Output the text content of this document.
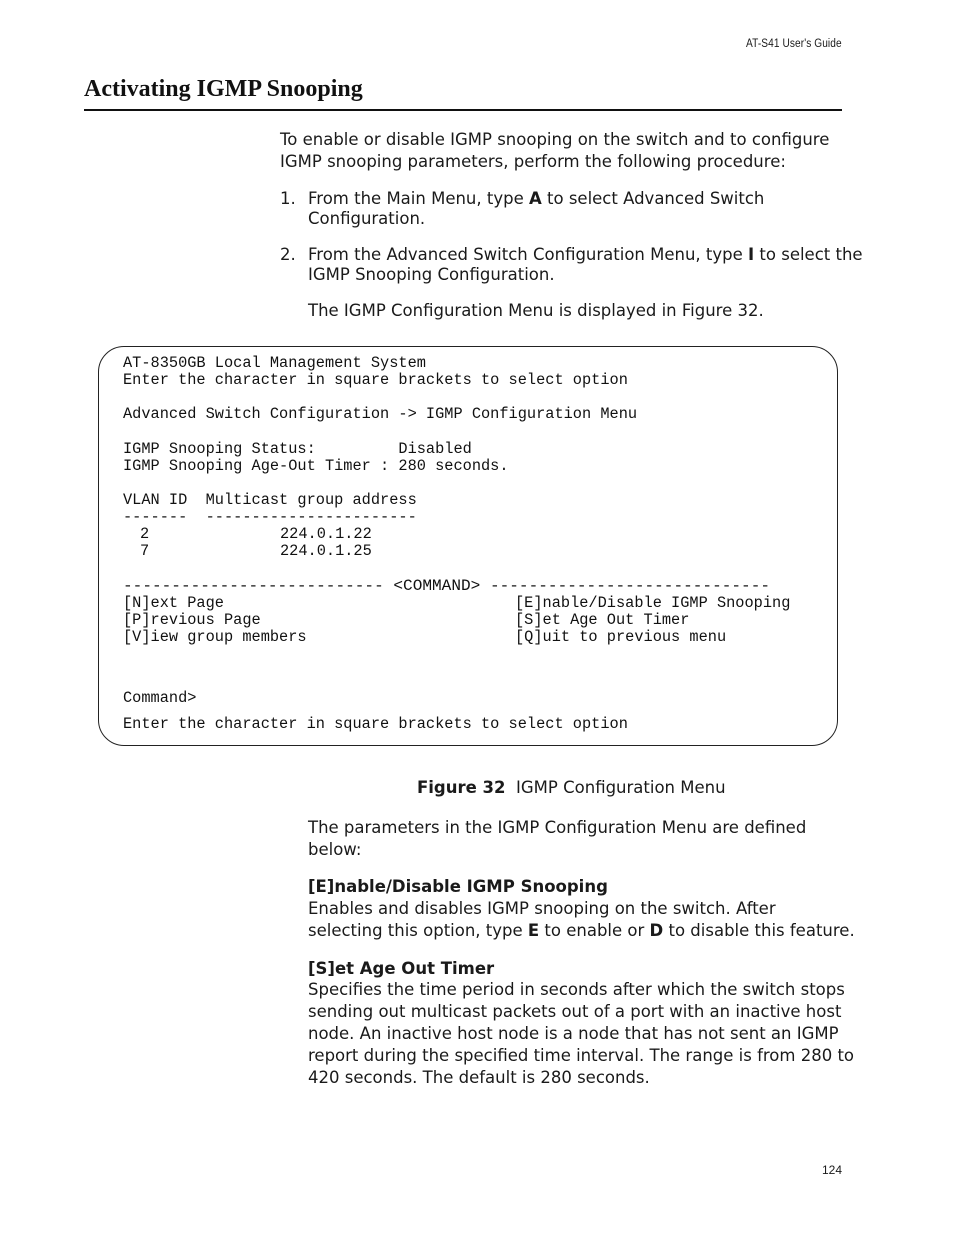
AT-S41 User's Guide
Activating IGMP Snooping
To enable or disable IGMP snooping on the switch and to configure
IGMP snooping parameters, perform the following procedure:
1. From the Main Menu, type A to select Advanced Switch
Configuration.
2. From the Advanced Switch Configuration Menu, type I to select the
IGMP Snooping Configuration.
The IGMP Configuration Menu is displayed in Figure 32.
AT-8350GB Local Management System
Enter the character in square brackets to select option
Advanced Switch Configuration -> IGMP Configuration Menu
IGMP Snooping Status:         Disabled
IGMP Snooping Age-Out Timer : 280 seconds.
VLAN ID  Multicast group address
-------  -----------------------
2	224.0.1.22
7	224.0.1.25
--------------------------- <COMMAND> -----------------------------
[N]ext Page
[P]revious Page
[V]iew group members
[E]nable/Disable IGMP Snooping
[S]et Age Out Timer
[Q]uit to previous menu
Command>
Enter the character in square brackets to select option
Figure 32 IGMP Configuration Menu
The parameters in the IGMP Configuration Menu are defined
below:
[E]nable/Disable IGMP Snooping
Enables and disables IGMP snooping on the switch. After
selecting this option, type E to enable or D to disable this feature.
[S]et Age Out Timer
Specifies the time period in seconds after which the switch stops
sending out multicast packets out of a port with an inactive host
node. An inactive host node is a node that has not sent an IGMP
report during the specified time interval. The range is from 280 to
420 seconds. The default is 280 seconds.
124
